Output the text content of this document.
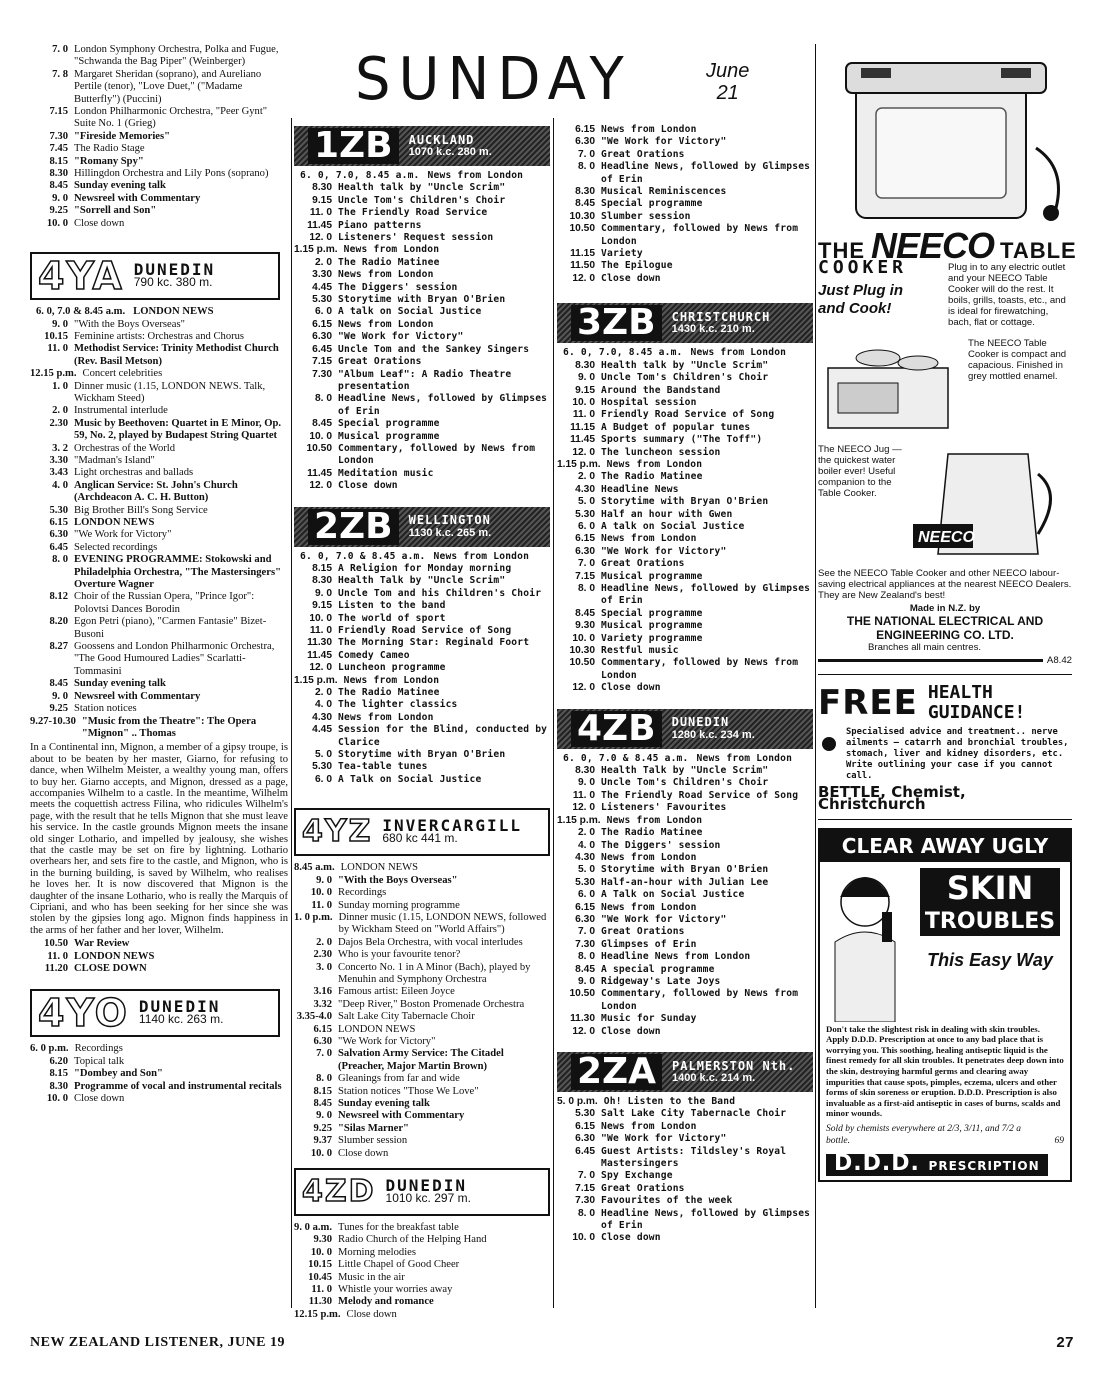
SUNDAY	June
21
7. 0 London Symphony Orchestra, Polka and Fugue, "Schwanda the Bag Piper" (Weinberger)
7. 8 Margaret Sheridan (soprano), and Aureliano Pertile (tenor), "Love Duet," ("Madame Butterfly") (Puccini)
7.15 London Philharmonic Orchestra, "Peer Gynt" Suite No. 1 (Grieg)
7.30 "Fireside Memories"
7.45 The Radio Stage
8.15 "Romany Spy"
8.30 Hillingdon Orchestra and Lily Pons (soprano)
8.45 Sunday evening talk
9. 0 Newsreel with Commentary
9.25 "Sorrell and Son"
10. 0 Close down
4YA DUNEDIN
790 kc. 380 m.
6. 0, 7.0 & 8.45 a.m. LONDON NEWS
9. 0 "With the Boys Overseas"
10.15 Feminine artists: Orchestras and Chorus
11. 0 Methodist Service: Trinity Methodist Church (Rev. Basil Metson)
12.15 p.m. Concert celebrities
1. 0 Dinner music (1.15, LONDON NEWS. Talk, Wickham Steed)
2. 0 Instrumental interlude
2.30 Music by Beethoven: Quartet in E Minor, Op. 59, No. 2, played by Budapest String Quartet
3. 2 Orchestras of the World
3.30 "Madman's Island"
3.43 Light orchestras and ballads
4. 0 Anglican Service: St. John's Church (Archdeacon A. C. H. Button)
5.30 Big Brother Bill's Song Service
6.15 LONDON NEWS
6.30 "We Work for Victory"
6.45 Selected recordings
8. 0 EVENING PROGRAMME: Stokowski and Philadelphia Orchestra, "The Mastersingers" Overture Wagner
8.12 Choir of the Russian Opera, "Prince Igor": Polovtsi Dances Borodin
8.20 Egon Petri (piano), "Carmen Fantasie" Bizet-Busoni
8.27 Goossens and London Philharmonic Orchestra, "The Good Humoured Ladies" Scarlatti-Tommasini
8.45 Sunday evening talk
9. 0 Newsreel with Commentary
9.25 Station notices
9.27-10.30 "Music from the Theatre": The Opera "Mignon" .. Thomas
In a Continental inn, Mignon, a member of a gipsy troupe, is about to be beaten by her master, Giarno, for refusing to dance, when Wilhelm Meister, a wealthy young man, offers to buy her. Giarno accepts, and Mignon, dressed as a page, accompanies Wilhelm to a castle. In the meantime, Wilhelm meets the coquettish actress Filina, who ridicules Wilhelm's page, with the result that he tells Mignon that she must leave his service. In the castle grounds Mignon meets the insane old singer Lothario, and impelled by jealousy, she wishes that the castle may be set on fire by lightning. Lothario overhears her, and sets fire to the castle, and Mignon, who is in the burning building, is saved by Wilhelm, who realises he loves her. It is now discovered that Mignon is the daughter of the insane Lothario, who is really the Marquis of Cipriani, and who has been seeking for her since she was stolen by the gipsies long ago. Mignon finds happiness in the arms of her father and her lover, Wilhelm.
10.50 War Review
11. 0 LONDON NEWS
11.20 CLOSE DOWN
4YO DUNEDIN
1140 kc. 263 m.
6. 0 p.m. Recordings
6.20 Topical talk
8.15 "Dombey and Son"
8.30 Programme of vocal and instrumental recitals
10. 0 Close down
1ZB	AUCKLAND
1070 k.c. 280 m.
6. 0, 7.0, 8.45 a.m. News from London
8.30 Health talk by "Uncle Scrim"
9.15 Uncle Tom's Children's Choir
11. 0 The Friendly Road Service
11.45 Piano patterns
12. 0 Listeners' Request session
1.15 p.m. News from London
2. 0 The Radio Matinee
3.30 News from London
4.45 The Diggers' session
5.30 Storytime with Bryan O'Brien
6. 0 A talk on Social Justice
6.15 News from London
6.30 "We Work for Victory"
6.45 Uncle Tom and the Sankey Singers
7.15 Great Orations
7.30 "Album Leaf": A Radio Theatre presentation
8. 0 Headline News, followed by Glimpses of Erin
8.45 Special programme
10. 0 Musical programme
10.50 Commentary, followed by News from London
11.45 Meditation music
12. 0 Close down
2ZB	WELLINGTON
1130 k.c. 265 m.
6. 0, 7.0 & 8.45 a.m. News from London
8.15 A Religion for Monday morning
8.30 Health Talk by "Uncle Scrim"
9. 0 Uncle Tom and his Children's Choir
9.15 Listen to the band
10. 0 The world of sport
11. 0 Friendly Road Service of Song
11.30 The Morning Star: Reginald Foort
11.45 Comedy Cameo
12. 0 Luncheon programme
1.15 p.m. News from London
2. 0 The Radio Matinee
4. 0 The lighter classics
4.30 News from London
4.45 Session for the Blind, conducted by Clarice
5. 0 Storytime with Bryan O'Brien
5.30 Tea-table tunes
6. 0 A Talk on Social Justice
4YZ INVERCARGILL
680 kc 441 m.
8.45 a.m. LONDON NEWS
9. 0 "With the Boys Overseas"
10. 0 Recordings
11. 0 Sunday morning programme
1. 0 p.m. Dinner music (1.15, LONDON NEWS, followed by Wickham Steed on "World Affairs")
2. 0 Dajos Bela Orchestra, with vocal interludes
2.30 Who is your favourite tenor?
3. 0 Concerto No. 1 in A Minor (Bach), played by Menuhin and Symphony Orchestra
3.16 Famous artist: Eileen Joyce
3.32 "Deep River," Boston Promenade Orchestra
3.35-4.0 Salt Lake City Tabernacle Choir
6.15 LONDON NEWS
6.30 "We Work for Victory"
7. 0 Salvation Army Service: The Citadel (Preacher, Major Martin Brown)
8. 0 Gleanings from far and wide
8.15 Station notices "Those We Love"
8.45 Sunday evening talk
9. 0 Newsreel with Commentary
9.25 "Silas Marner"
9.37 Slumber session
10. 0 Close down
4ZD DUNEDIN
1010 kc. 297 m.
9. 0 a.m. Tunes for the breakfast table
9.30 Radio Church of the Helping Hand
10. 0 Morning melodies
10.15 Little Chapel of Good Cheer
10.45 Music in the air
11. 0 Whistle your worries away
11.30 Melody and romance
12.15 p.m. Close down
6.15 News from London
6.30 "We Work for Victory"
7. 0 Great Orations
8. 0 Headline News, followed by Glimpses of Erin
8.30 Musical Reminiscences
8.45 Special programme
10.30 Slumber session
10.50 Commentary, followed by News from London
11.15 Variety
11.50 The Epilogue
12. 0 Close down
3ZB	CHRISTCHURCH
1430 k.c. 210 m.
6. 0, 7.0, 8.45 a.m. News from London
8.30 Health talk by "Uncle Scrim"
9. 0 Uncle Tom's Children's Choir
9.15 Around the Bandstand
10. 0 Hospital session
11. 0 Friendly Road Service of Song
11.15 A Budget of popular tunes
11.45 Sports summary ("The Toff")
12. 0 The luncheon session
1.15 p.m. News from London
2. 0 The Radio Matinee
4.30 Headline News
5. 0 Storytime with Bryan O'Brien
5.30 Half an hour with Gwen
6. 0 A talk on Social Justice
6.15 News from London
6.30 "We Work for Victory"
7. 0 Great Orations
7.15 Musical programme
8. 0 Headline News, followed by Glimpses of Erin
8.45 Special programme
9.30 Musical programme
10. 0 Variety programme
10.30 Restful music
10.50 Commentary, followed by News from London
12. 0 Close down
4ZB	DUNEDIN
1280 k.c. 234 m.
6. 0, 7.0 & 8.45 a.m. News from London
8.30 Health Talk by "Uncle Scrim"
9. 0 Uncle Tom's Children's Choir
11. 0 The Friendly Road Service of Song
12. 0 Listeners' Favourites
1.15 p.m. News from London
2. 0 The Radio Matinee
4. 0 The Diggers' session
4.30 News from London
5. 0 Storytime with Bryan O'Brien
5.30 Half-an-hour with Julian Lee
6. 0 A Talk on Social Justice
6.15 News from London
6.30 "We Work for Victory"
7. 0 Great Orations
7.30 Glimpses of Erin
8. 0 Headline News from London
8.45 A special programme
9. 0 Ridgeway's Late Joys
10.50 Commentary, followed by News from London
11.30 Music for Sunday
12. 0 Close down
2ZA	PALMERSTON Nth.
1400 k.c. 214 m.
5. 0 p.m. Oh! Listen to the Band
5.30 Salt Lake City Tabernacle Choir
6.15 News from London
6.30 "We Work for Victory"
6.45 Guest Artists: Tildsley's Royal Mastersingers
7. 0 Spy Exchange
7.15 Great Orations
7.30 Favourites of the week
8. 0 Headline News, followed by Glimpses of Erin
10. 0 Close down
THE NEECO TABLE
COOKER
Just Plug in and Cook!
Plug in to any electric outlet and your NEECO Table Cooker will do the rest. It boils, grills, toasts, etc., and is ideal for firewatching, bach, flat or cottage.
The NEECO Table Cooker is compact and capacious. Finished in grey mottled enamel.
The NEECO Jug — the quickest water boiler ever! Useful companion to the Table Cooker.
NEECO
See the NEECO Table Cooker and other NEECO labour-saving electrical appliances at the nearest NEECO Dealers. They are New Zealand's best!
Made in N.Z. by
THE NATIONAL ELECTRICAL AND ENGINEERING CO. LTD.
Branches all main centres.
A8.42
FREE HEALTH
GUIDANCE!
Specialised advice and treatment.. nerve ailments — catarrh and bronchial troubles, stomach, liver and kidney disorders, etc. Write outlining your case if you cannot call.
BETTLE, Chemist, Christchurch
CLEAR AWAY UGLY
SKIN
TROUBLES
This Easy Way
Don't take the slightest risk in dealing with skin troubles. Apply D.D.D. Prescription at once to any bad place that is worrying you. This soothing, healing antiseptic liquid is the finest remedy for all skin troubles. It penetrates deep down into the skin, destroying harmful germs and clearing away impurities that cause spots, pimples, eczema, ulcers and other forms of skin soreness or eruption. D.D.D. Prescription is also invaluable as a first-aid antiseptic in cases of burns, scalds and minor wounds.
Sold by chemists everywhere at 2/3, 3/11, and 7/2 a bottle.	69
D.D.D. PRESCRIPTION
NEW ZEALAND LISTENER, JUNE 19	27
